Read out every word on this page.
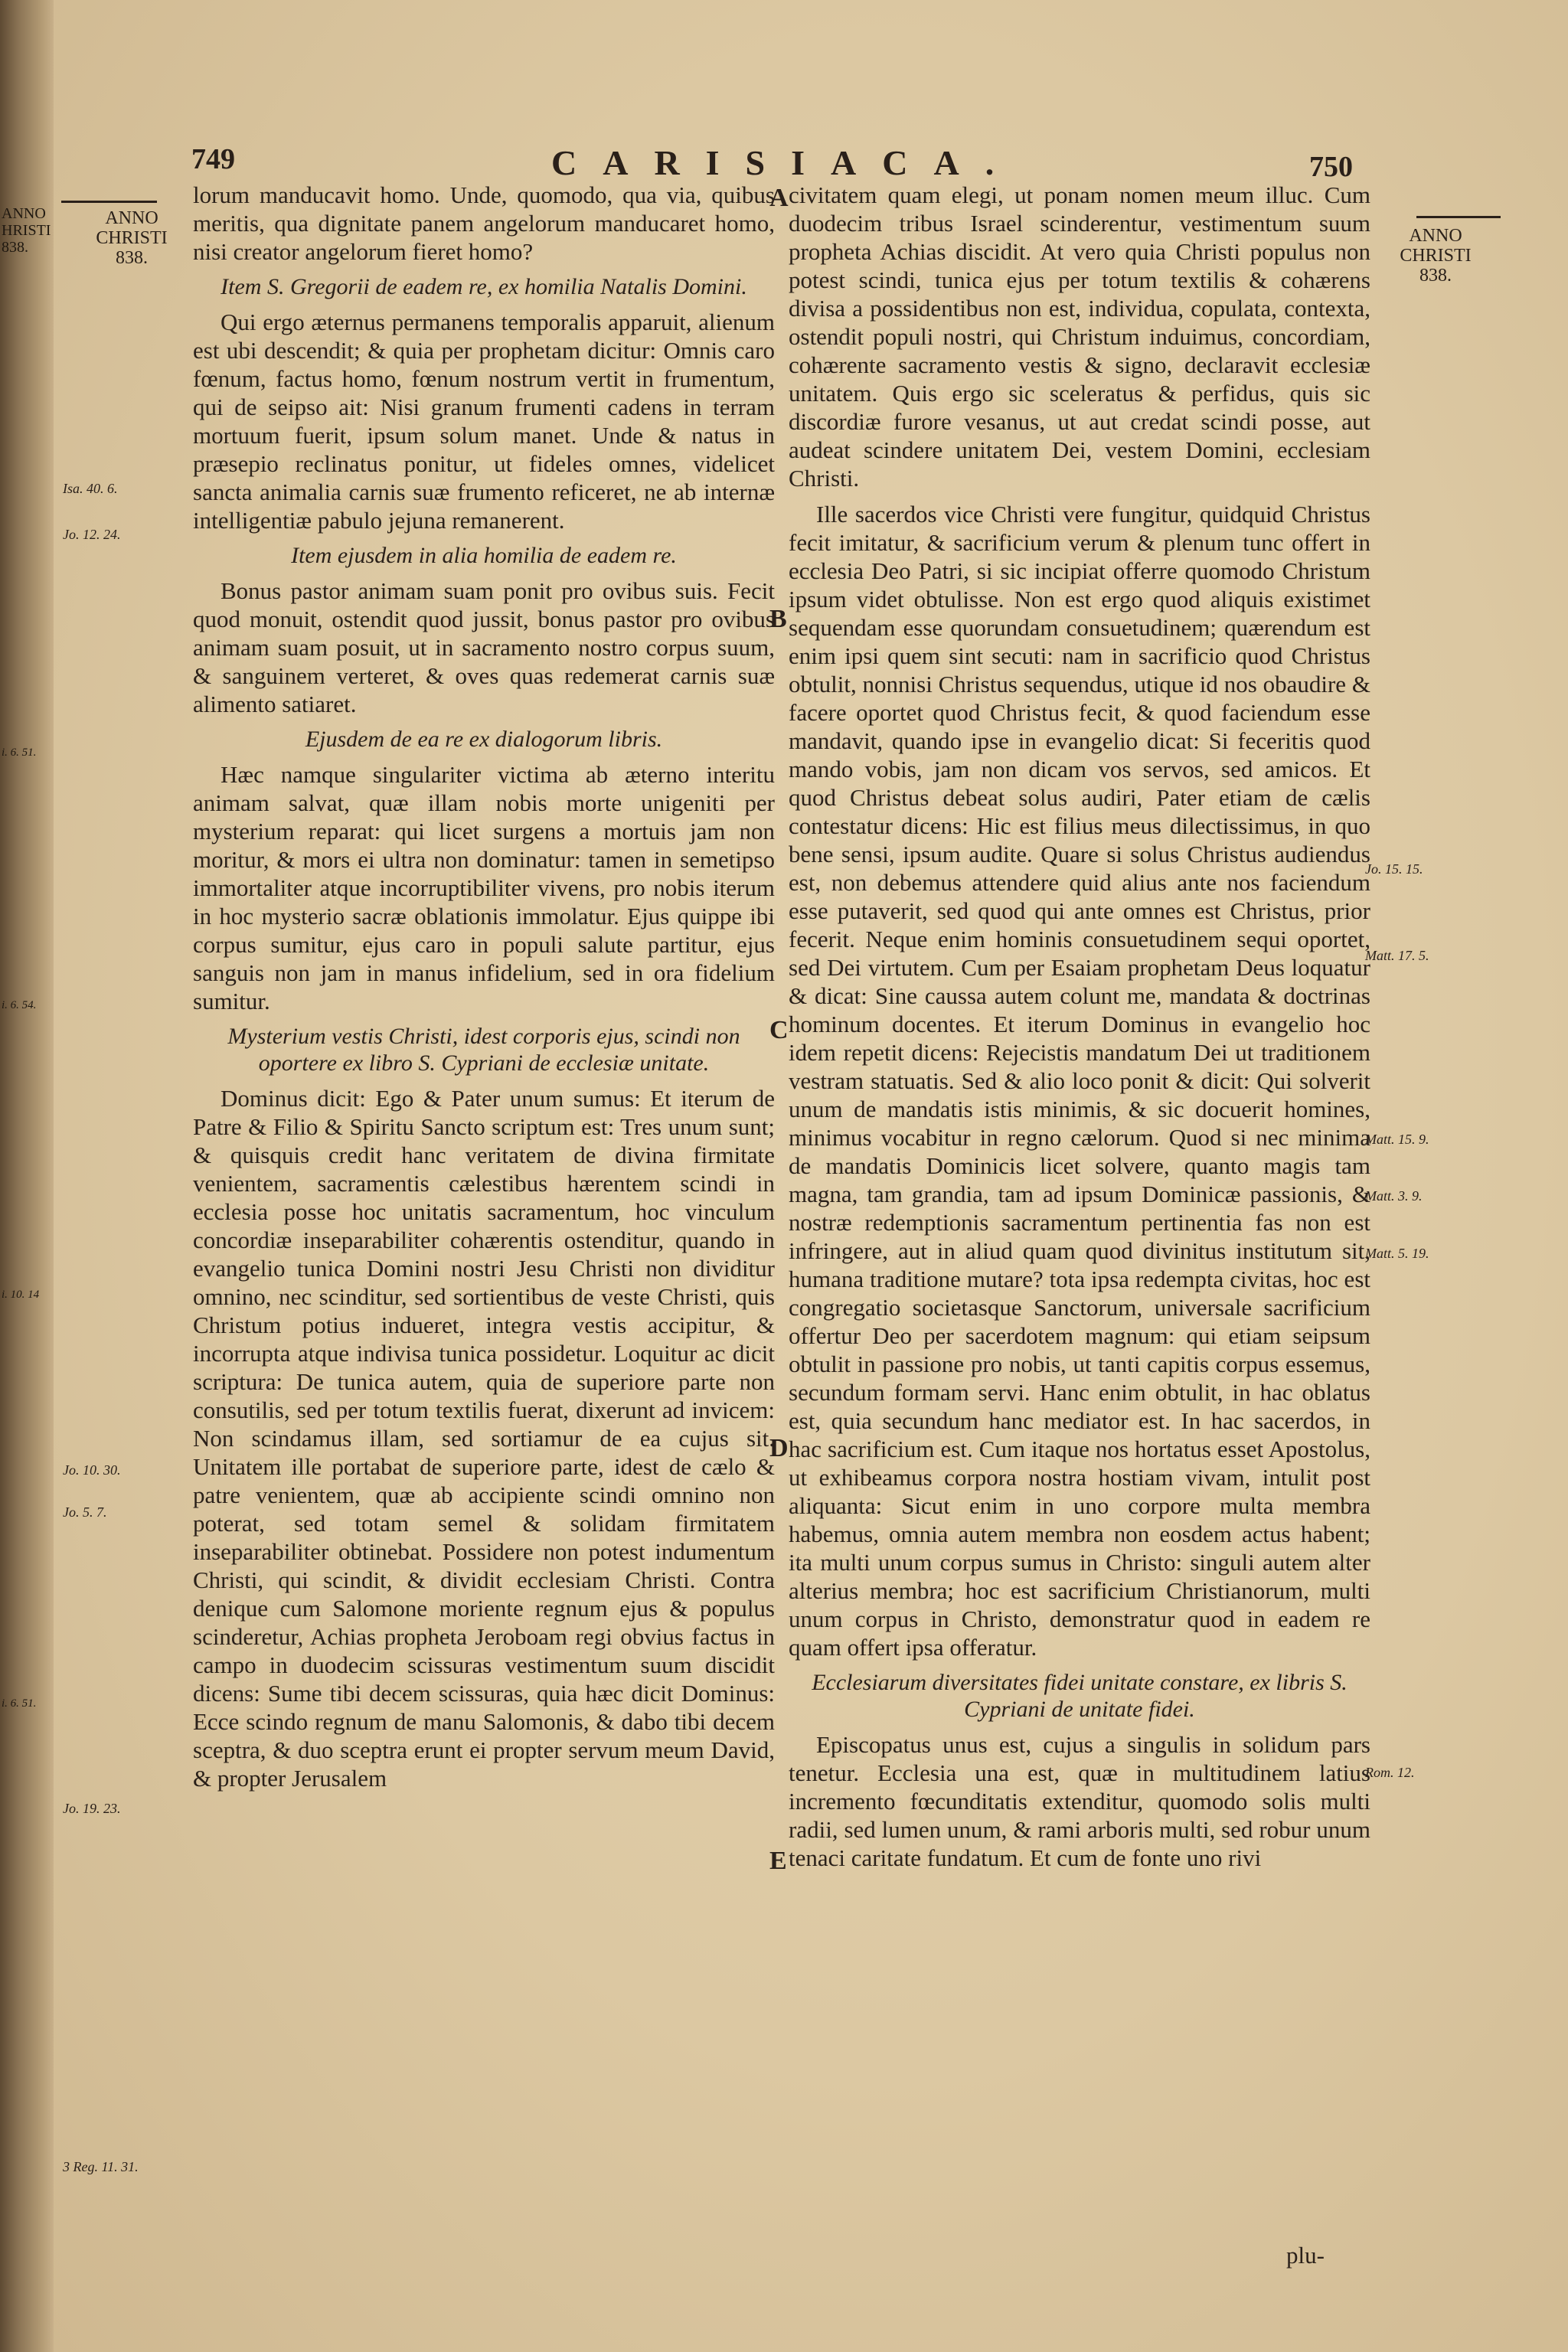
ANNO HRISTI 838.
i. 6. 51.
i. 6. 54.
i. 10. 14
i. 6. 51.
749	CARISIACA.	750
ANNO CHRISTI 838.
ANNO CHRISTI 838.
Isa. 40. 6.
Jo. 12. 24.
Jo. 10. 30.
Jo. 5. 7.
Jo. 19. 23.
3 Reg. 11. 31.
Jo. 15. 15.
Matt. 17. 5.
Matt. 15. 9.
Matt. 3. 9.
Matt. 5. 19.
Rom. 12.
A
B
C
D
E

lorum manducavit homo. Unde, quomodo, qua via, quibus meritis, qua dignitate panem angelorum manducaret homo, nisi creator angelorum fieret homo?

Item S. Gregorii de eadem re, ex homilia Natalis Domini.

Qui ergo æternus permanens temporalis apparuit, alienum est ubi descendit; & quia per prophetam dicitur: Omnis caro fœnum, factus homo, fœnum nostrum vertit in frumentum, qui de seipso ait: Nisi granum frumenti cadens in terram mortuum fuerit, ipsum solum manet. Unde & natus in præsepio reclinatus ponitur, ut fideles omnes, videlicet sancta animalia carnis suæ frumento reficeret, ne ab internæ intelligentiæ pabulo jejuna remanerent.

Item ejusdem in alia homilia de eadem re.

Bonus pastor animam suam ponit pro ovibus suis. Fecit quod monuit, ostendit quod jussit, bonus pastor pro ovibus animam suam posuit, ut in sacramento nostro corpus suum, & sanguinem verteret, & oves quas redemerat carnis suæ alimento satiaret.

Ejusdem de ea re ex dialogorum libris.

Hæc namque singulariter victima ab æterno interitu animam salvat, quæ illam nobis morte unigeniti per mysterium reparat: qui licet surgens a mortuis jam non moritur, & mors ei ultra non dominatur: tamen in semetipso immortaliter atque incorruptibiliter vivens, pro nobis iterum in hoc mysterio sacræ oblationis immolatur. Ejus quippe ibi corpus sumitur, ejus caro in populi salute partitur, ejus sanguis non jam in manus infidelium, sed in ora fidelium sumitur.

Mysterium vestis Christi, idest corporis ejus, scindi non oportere ex libro S. Cypriani de ecclesiæ unitate.

Dominus dicit: Ego & Pater unum sumus: Et iterum de Patre & Filio & Spiritu Sancto scriptum est: Tres unum sunt; & quisquis credit hanc veritatem de divina firmitate venientem, sacramentis cælestibus hærentem scindi in ecclesia posse hoc unitatis sacramentum, hoc vinculum concordiæ inseparabiliter cohærentis ostenditur, quando in evangelio tunica Domini nostri Jesu Christi non dividitur omnino, nec scinditur, sed sortientibus de veste Christi, quis Christum potius indueret, integra vestis accipitur, & incorrupta atque indivisa tunica possidetur. Loquitur ac dicit scriptura: De tunica autem, quia de superiore parte non consutilis, sed per totum textilis fuerat, dixerunt ad invicem: Non scindamus illam, sed sortiamur de ea cujus sit. Unitatem ille portabat de superiore parte, idest de cælo & patre venientem, quæ ab accipiente scindi omnino non poterat, sed totam semel & solidam firmitatem inseparabiliter obtinebat. Possidere non potest indumentum Christi, qui scindit, & dividit ecclesiam Christi. Contra denique cum Salomone moriente regnum ejus & populus scinderetur, Achias propheta Jeroboam regi obvius factus in campo in duodecim scissuras vestimentum suum discidit dicens: Sume tibi decem scissuras, quia hæc dicit Dominus: Ecce scindo regnum de manu Salomonis, & dabo tibi decem sceptra, & duo sceptra erunt ei propter servum meum David, & propter Jerusalem

civitatem quam elegi, ut ponam nomen meum illuc. Cum duodecim tribus Israel scinderentur, vestimentum suum propheta Achias discidit. At vero quia Christi populus non potest scindi, tunica ejus per totum textilis & cohærens divisa a possidentibus non est, individua, copulata, contexta, ostendit populi nostri, qui Christum induimus, concordiam, cohærente sacramento vestis & signo, declaravit ecclesiæ unitatem. Quis ergo sic sceleratus & perfidus, quis sic discordiæ furore vesanus, ut aut credat scindi posse, aut audeat scindere unitatem Dei, vestem Domini, ecclesiam Christi.

Ille sacerdos vice Christi vere fungitur, quidquid Christus fecit imitatur, & sacrificium verum & plenum tunc offert in ecclesia Deo Patri, si sic incipiat offerre quomodo Christum ipsum videt obtulisse. Non est ergo quod aliquis existimet sequendam esse quorundam consuetudinem; quærendum est enim ipsi quem sint secuti: nam in sacrificio quod Christus obtulit, nonnisi Christus sequendus, utique id nos obaudire & facere oportet quod Christus fecit, & quod faciendum esse mandavit, quando ipse in evangelio dicat: Si feceritis quod mando vobis, jam non dicam vos servos, sed amicos. Et quod Christus debeat solus audiri, Pater etiam de cælis contestatur dicens: Hic est filius meus dilectissimus, in quo bene sensi, ipsum audite. Quare si solus Christus audiendus est, non debemus attendere quid alius ante nos faciendum esse putaverit, sed quod qui ante omnes est Christus, prior fecerit. Neque enim hominis consuetudinem sequi oportet, sed Dei virtutem. Cum per Esaiam prophetam Deus loquatur & dicat: Sine caussa autem colunt me, mandata & doctrinas hominum docentes. Et iterum Dominus in evangelio hoc idem repetit dicens: Rejecistis mandatum Dei ut traditionem vestram statuatis. Sed & alio loco ponit & dicit: Qui solverit unum de mandatis istis minimis, & sic docuerit homines, minimus vocabitur in regno cælorum. Quod si nec minima de mandatis Dominicis licet solvere, quanto magis tam magna, tam grandia, tam ad ipsum Dominicæ passionis, & nostræ redemptionis sacramentum pertinentia fas non est infringere, aut in aliud quam quod divinitus institutum sit, humana traditione mutare? tota ipsa redempta civitas, hoc est congregatio societasque Sanctorum, universale sacrificium offertur Deo per sacerdotem magnum: qui etiam seipsum obtulit in passione pro nobis, ut tanti capitis corpus essemus, secundum formam servi. Hanc enim obtulit, in hac oblatus est, quia secundum hanc mediator est. In hac sacerdos, in hac sacrificium est. Cum itaque nos hortatus esset Apostolus, ut exhibeamus corpora nostra hostiam vivam, intulit post aliquanta: Sicut enim in uno corpore multa membra habemus, omnia autem membra non eosdem actus habent; ita multi unum corpus sumus in Christo: singuli autem alter alterius membra; hoc est sacrificium Christianorum, multi unum corpus in Christo, demonstratur quod in eadem re quam offert ipsa offeratur.

Ecclesiarum diversitates fidei unitate constare, ex libris S. Cypriani de unitate fidei.

Episcopatus unus est, cujus a singulis in solidum pars tenetur. Ecclesia una est, quæ in multitudinem latius incremento fœcunditatis extenditur, quomodo solis multi radii, sed lumen unum, & rami arboris multi, sed robur unum tenaci caritate fundatum. Et cum de fonte uno rivi

plu-
